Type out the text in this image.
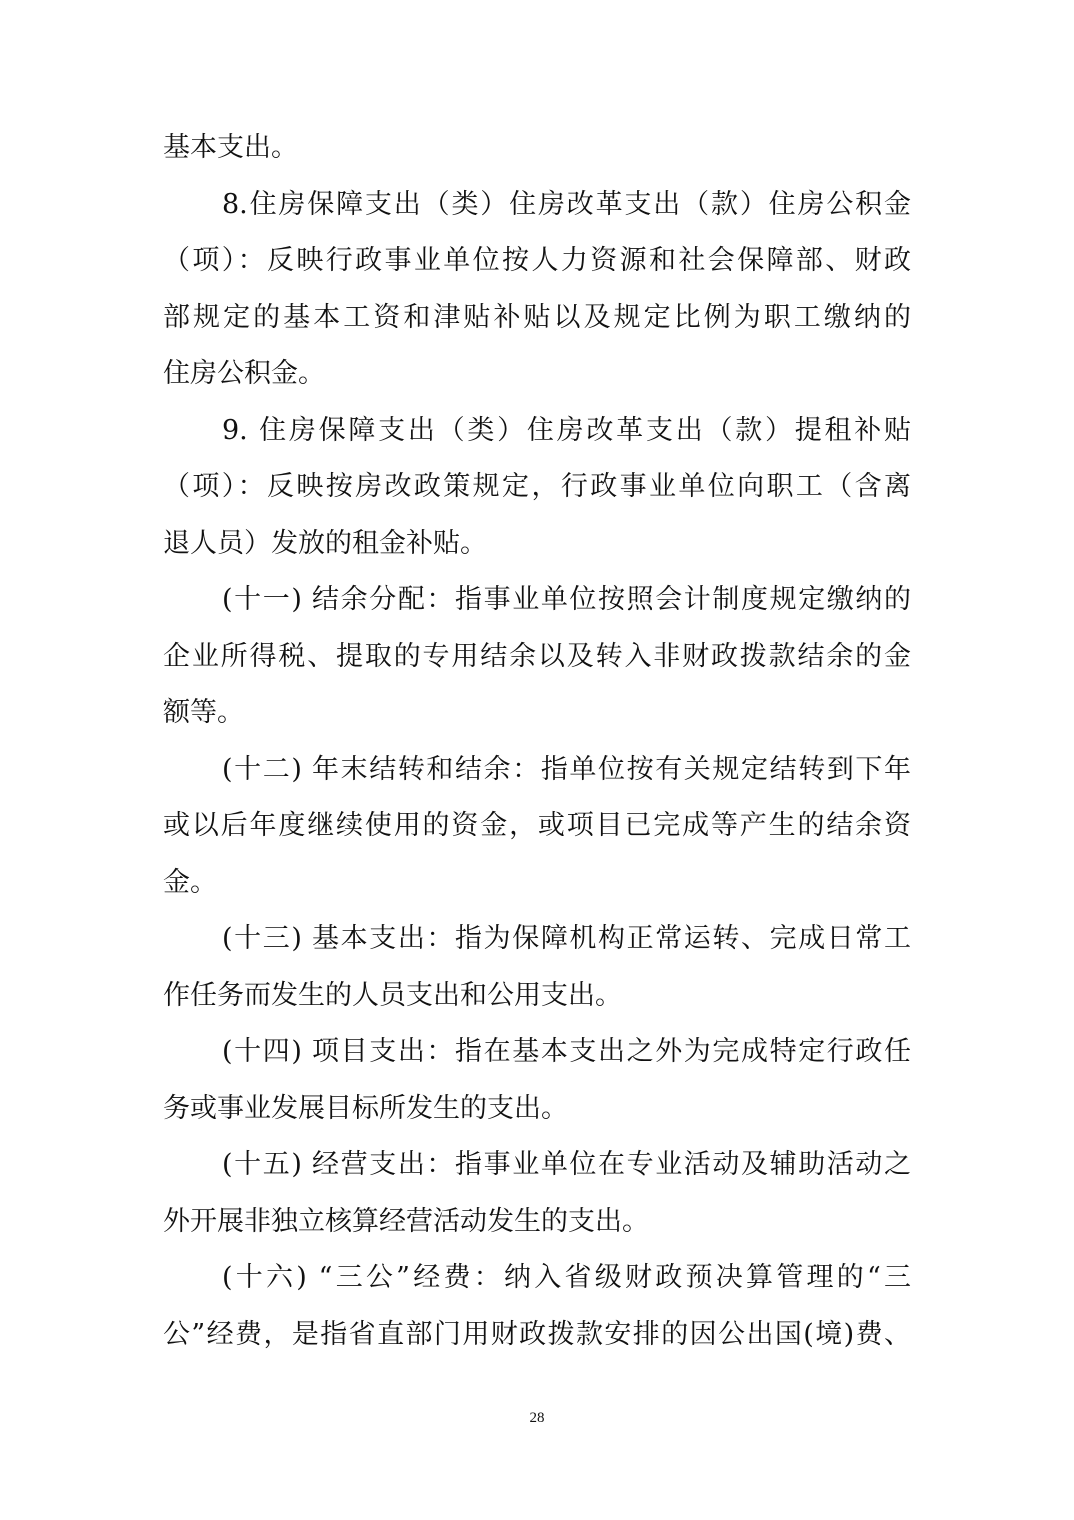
基本支出。
8.住房保障支出（类）住房改革支出（款）住房公积金
（项）：反映行政事业单位按人力资源和社会保障部、财政
部规定的基本工资和津贴补贴以及规定比例为职工缴纳的
住房公积金。
9. 住房保障支出（类）住房改革支出（款）提租补贴
（项）：反映按房改政策规定，行政事业单位向职工（含离
退人员）发放的租金补贴。
(十一) 结余分配：指事业单位按照会计制度规定缴纳的
企业所得税、提取的专用结余以及转入非财政拨款结余的金
额等。
(十二) 年末结转和结余：指单位按有关规定结转到下年
或以后年度继续使用的资金，或项目已完成等产生的结余资
金。
(十三) 基本支出：指为保障机构正常运转、完成日常工
作任务而发生的人员支出和公用支出。
(十四) 项目支出：指在基本支出之外为完成特定行政任
务或事业发展目标所发生的支出。
(十五) 经营支出：指事业单位在专业活动及辅助活动之
外开展非独立核算经营活动发生的支出。
(十六) “三公”经费：纳入省级财政预决算管理的“三
公”经费，是指省直部门用财政拨款安排的因公出国(境)费、
28
